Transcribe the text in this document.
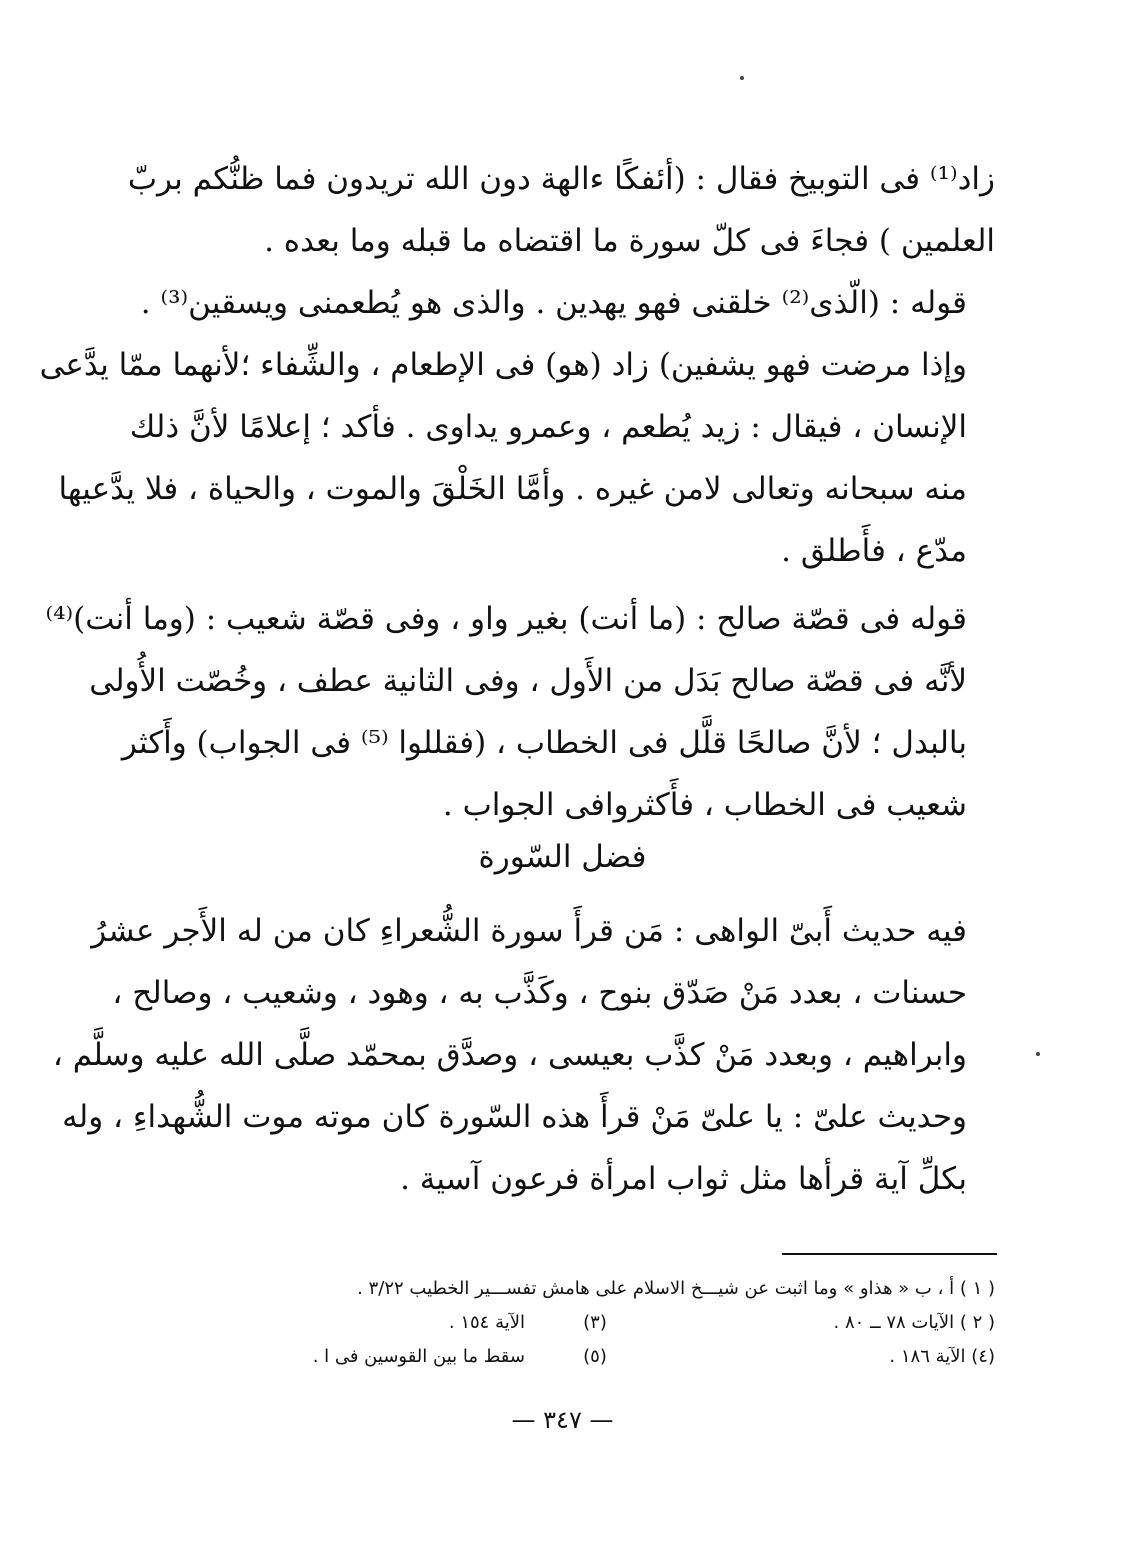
زاد⁽¹⁾ فى التوبيخ فقال : (أئفكًا ءالهة دون الله تريدون فما ظنُّكم بربّ
العلمين ) فجاءَ فى كلّ سورة ما اقتضاه ما قبله وما بعده .

قوله : (الّذى⁽²⁾ خلقنى فهو يهدين . والذى هو يُطعمنى ويسقين⁽³⁾ .
وإذا مرضت فهو يشفين) زاد (هو) فى الإطعام ، والشِّفاء ؛لأنهما ممّا يدَّعى
الإنسان ، فيقال : زيد يُطعم ، وعمرو يداوى . فأكد ؛ إعلامًا لأنَّ ذلك
منه سبحانه وتعالى لامن غيره . وأمَّا الخَلْقَ والموت ، والحياة ، فلا يدَّعيها
مدّع ، فأَطلق .

قوله فى قصّة صالح : (ما أنت) بغير واو ، وفى قصّة شعيب : (وما أنت)⁽⁴⁾
لأنَّه فى قصّة صالح بَدَل من الأَول ، وفى الثانية عطف ، وخُصّت الأُولى
بالبدل ؛ لأنَّ صالحًا قلَّل فى الخطاب ، (فقللوا ⁽⁵⁾ فى الجواب) وأَكثر
شعيب فى الخطاب ، فأَكثروافى الجواب .

فضل السّورة

فيه حديث أَبىّ الواهى : مَن قرأَ سورة الشُّعراءِ كان من له الأَجر عشرُ
حسنات ، بعدد مَنْ صَدّق بنوح ، وكَذَّب به ، وهود ، وشعيب ، وصالح ،
وابراهيم ، وبعدد مَنْ كذَّب بعيسى ، وصدَّق بمحمّد صلَّى الله عليه وسلَّم ،
وحديث علىّ : يا علىّ مَنْ قرأَ هذه السّورة كان موته موت الشُّهداءِ ، وله
بكلِّ آية قرأها مثل ثواب امرأة فرعون آسية .

( ١ ) أ ، ب « هذاو » وما اثبت عن شيـــخ الاسلام على هامش تفســـير الخطيب ٣/٢٢ .
( ٢ ) الآيات ٧٨ ــ ٨٠ .
(٣)
الآية ١٥٤ .
(٤) الآية ١٨٦ .
(٥)
سقط ما بين القوسين فى ا .
— ٣٤٧ —
